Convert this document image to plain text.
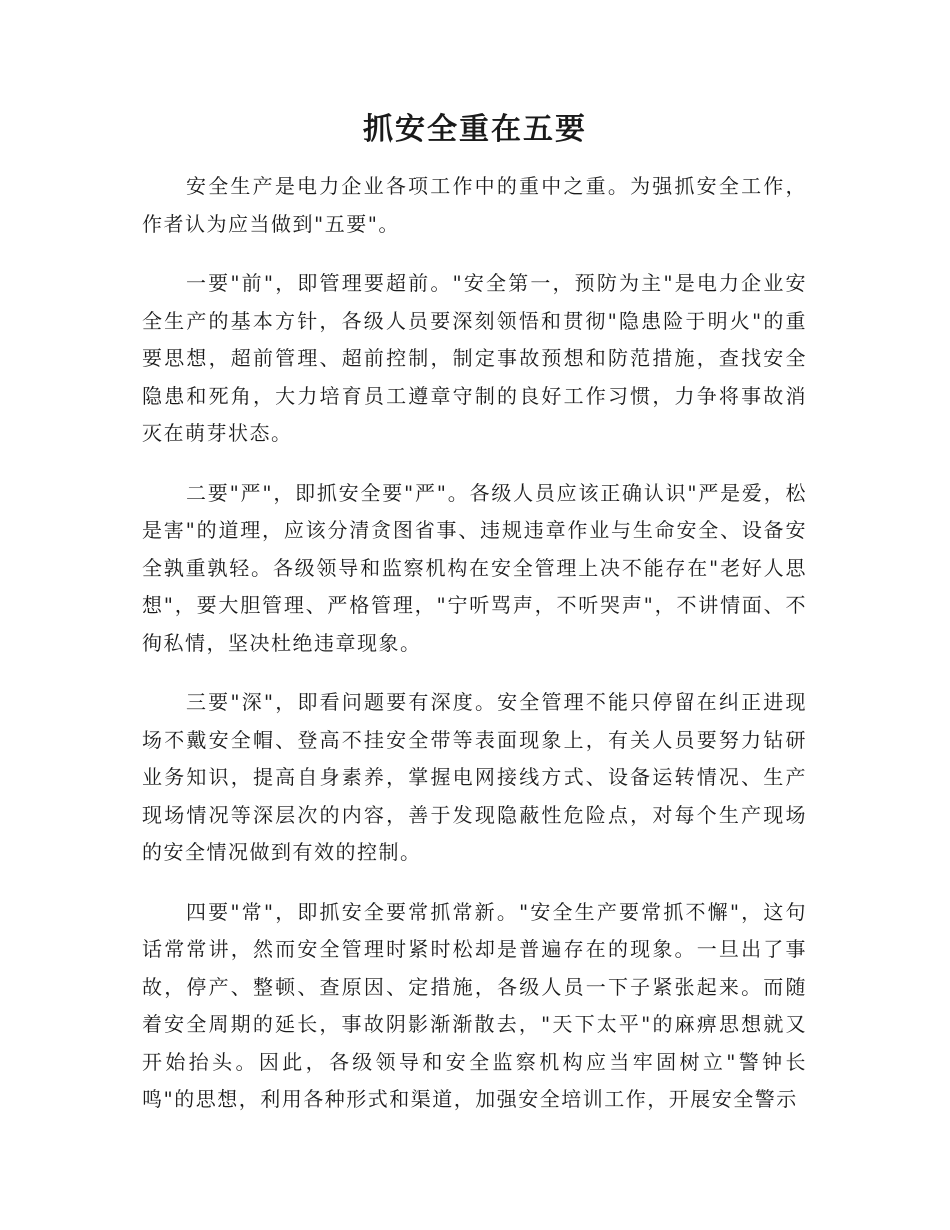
抓安全重在五要

安全生产是电力企业各项工作中的重中之重。为强抓安全工作，作者认为应当做到"五要"。

一要"前"，即管理要超前。"安全第一，预防为主"是电力企业安全生产的基本方针，各级人员要深刻领悟和贯彻"隐患险于明火"的重要思想，超前管理、超前控制，制定事故预想和防范措施，查找安全隐患和死角，大力培育员工遵章守制的良好工作习惯，力争将事故消灭在萌芽状态。

二要"严"，即抓安全要"严"。各级人员应该正确认识"严是爱，松是害"的道理，应该分清贪图省事、违规违章作业与生命安全、设备安全孰重孰轻。各级领导和监察机构在安全管理上决不能存在"老好人思想"，要大胆管理、严格管理，"宁听骂声，不听哭声"，不讲情面、不徇私情，坚决杜绝违章现象。

三要"深"，即看问题要有深度。安全管理不能只停留在纠正进现场不戴安全帽、登高不挂安全带等表面现象上，有关人员要努力钻研业务知识，提高自身素养，掌握电网接线方式、设备运转情况、生产现场情况等深层次的内容，善于发现隐蔽性危险点，对每个生产现场的安全情况做到有效的控制。

四要"常"，即抓安全要常抓常新。"安全生产要常抓不懈"，这句话常常讲，然而安全管理时紧时松却是普遍存在的现象。一旦出了事故，停产、整顿、查原因、定措施，各级人员一下子紧张起来。而随着安全周期的延长，事故阴影渐渐散去，"天下太平"的麻痹思想就又开始抬头。因此，各级领导和安全监察机构应当牢固树立"警钟长鸣"的思想，利用各种形式和渠道，加强安全培训工作，开展安全警示
